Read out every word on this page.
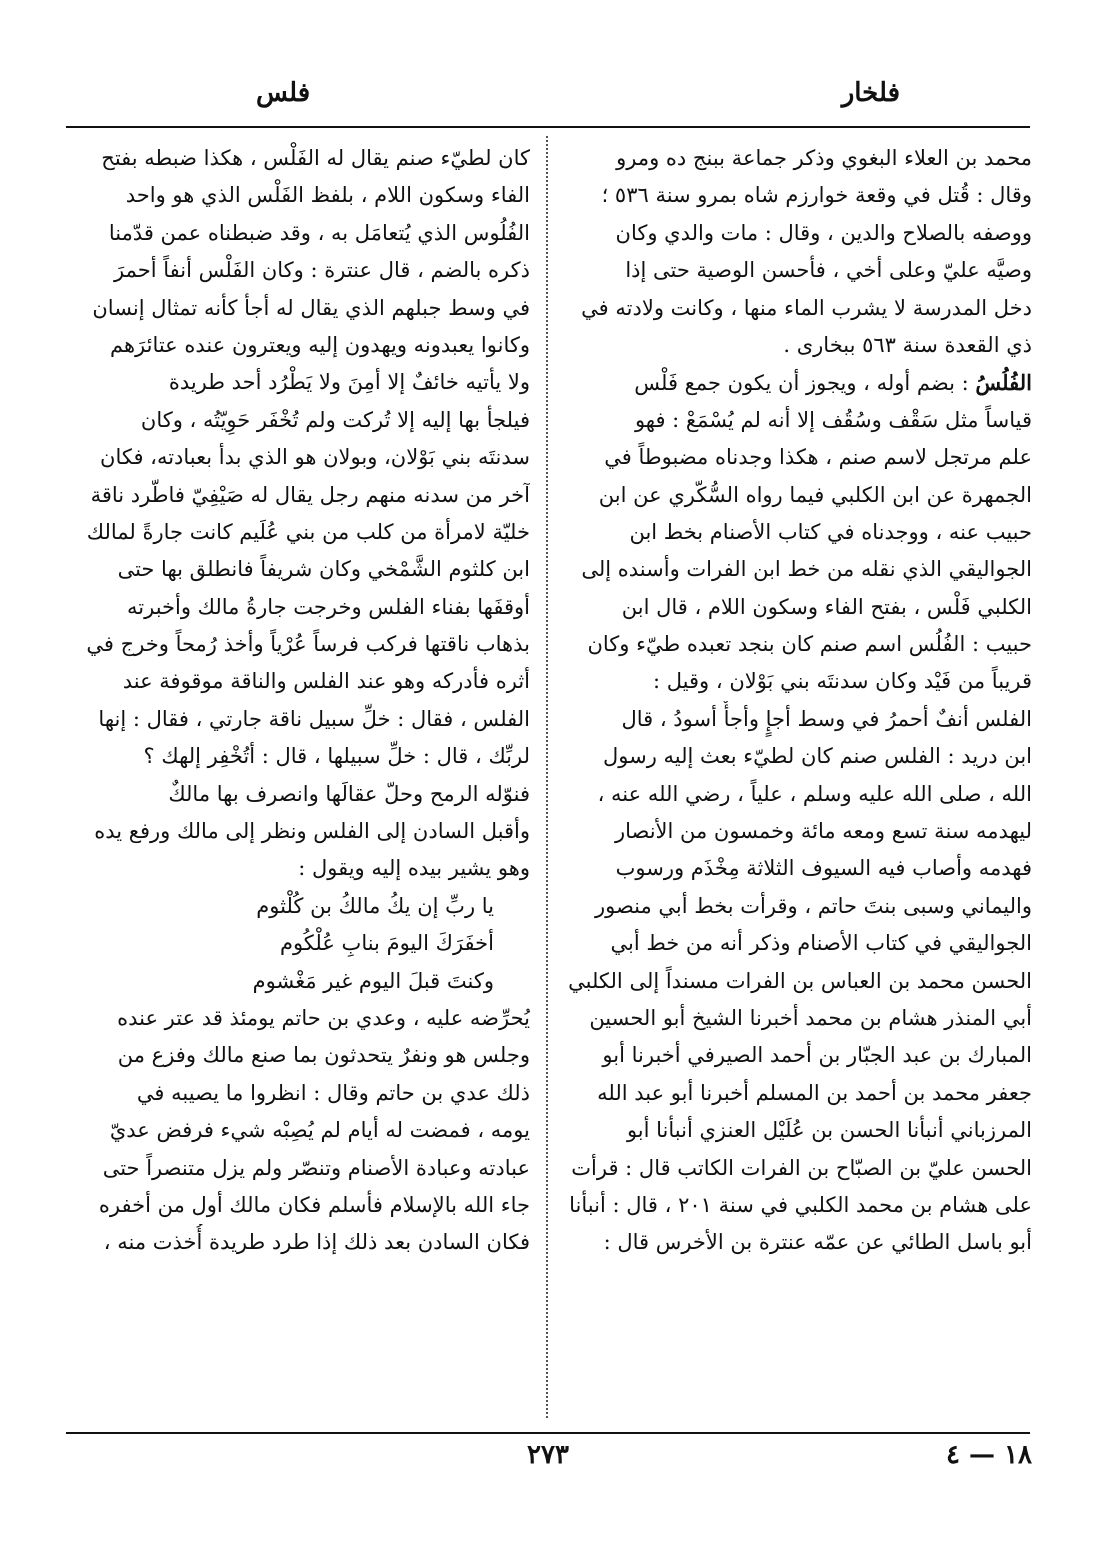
فلخار
فلس
محمد بن العلاء البغوي وذكر جماعة ببنج ده ومرو
وقال : قُتل في وقعة خوارزم شاه بمرو سنة ٥٣٦ ؛
ووصفه بالصلاح والدين ، وقال : مات والدي وكان
وصيَّه عليّ وعلى أخي ، فأحسن الوصية حتى إذا
دخل المدرسة لا يشرب الماء منها ، وكانت ولادته في
ذي القعدة سنة ٥٦٣ ببخارى .
الفُلُسُ : بضم أوله ، ويجوز أن يكون جمع فَلْس
قياساً مثل سَقْف وسُقُف إلا أنه لم يُسْمَعْ : فهو
علم مرتجل لاسم صنم ، هكذا وجدناه مضبوطاً في
الجمهرة عن ابن الكلبي فيما رواه السُّكّري عن ابن
حبيب عنه ، ووجدناه في كتاب الأصنام بخط ابن
الجواليقي الذي نقله من خط ابن الفرات وأسنده إلى
الكلبي فَلْس ، بفتح الفاء وسكون اللام ، قال ابن
حبيب : الفُلُس اسم صنم كان بنجد تعبده طيّء وكان
قريباً من فَيْد وكان سدنتَه بني بَوْلان ، وقيل :
الفلس أنفٌ أحمرُ في وسط أجإٍ وأجأٌ أسودُ ، قال
ابن دريد : الفلس صنم كان لطيّء بعث إليه رسول
الله ، صلى الله عليه وسلم ، علياً ، رضي الله عنه ،
ليهدمه سنة تسع ومعه مائة وخمسون من الأنصار
فهدمه وأصاب فيه السيوف الثلاثة مِخْذَم ورسوب
واليماني وسبى بنتَ حاتم ، وقرأت بخط أبي منصور
الجواليقي في كتاب الأصنام وذكر أنه من خط أبي
الحسن محمد بن العباس بن الفرات مسنداً إلى الكلبي
أبي المنذر هشام بن محمد أخبرنا الشيخ أبو الحسين
المبارك بن عبد الجبّار بن أحمد الصيرفي أخبرنا أبو
جعفر محمد بن أحمد بن المسلم أخبرنا أبو عبد الله
المرزباني أنبأنا الحسن بن عُلَيْل العنزي أنبأنا أبو
الحسن عليّ بن الصبّاح بن الفرات الكاتب قال : قرأت
على هشام بن محمد الكلبي في سنة ٢٠١ ، قال : أنبأنا
أبو باسل الطائي عن عمّه عنترة بن الأخرس قال :
كان لطيّء صنم يقال له الفَلْس ، هكذا ضبطه بفتح
الفاء وسكون اللام ، بلفظ الفَلْس الذي هو واحد
الفُلُوس الذي يُتعامَل به ، وقد ضبطناه عمن قدّمنا
ذكره بالضم ، قال عنترة : وكان الفَلْس أنفاً أحمرَ
في وسط جبلهم الذي يقال له أجأ كأنه تمثال إنسان
وكانوا يعبدونه ويهدون إليه ويعترون عنده عتائرَهم
ولا يأتيه خائفٌ إلا أمِنَ ولا يَطْرُد أحد طريدة
فيلجأ بها إليه إلا تُركت ولم تُخْفَر حَوِيّتُه ، وكان
سدنتَه بني بَوْلان، وبولان هو الذي بدأ بعبادته، فكان
آخر من سدنه منهم رجل يقال له صَيْفِيّ فاطّرد ناقة
خليّة لامرأة من كلب من بني عُلَيم كانت جارةً لمالك
ابن كلثوم الشَّمْخي وكان شريفاً فانطلق بها حتى
أوقفَها بفناء الفلس وخرجت جارةُ مالك وأخبرته
بذهاب ناقتها فركب فرساً عُرْياً وأخذ رُمحاً وخرج في
أثره فأدركه وهو عند الفلس والناقة موقوفة عند
الفلس ، فقال : خلِّ سبيل ناقة جارتي ، فقال : إنها
لربِّك ، قال : خلِّ سبيلها ، قال : أتُخْفِر إلهك ؟
فنوّله الرمح وحلّ عقالَها وانصرف بها مالكٌ
وأقبل السادن إلى الفلس ونظر إلى مالك ورفع يده
وهو يشير بيده إليه ويقول :
يا ربِّ إن يكُ مالكُ بن كُلْثوم
أخفَرَكَ اليومَ بنابِ عُلْكُوم
وكنتَ قبلَ اليوم غير مَغْشوم
يُحرِّضه عليه ، وعدي بن حاتم يومئذ قد عتر عنده
وجلس هو ونفرٌ يتحدثون بما صنع مالك وفزع من
ذلك عدي بن حاتم وقال : انظروا ما يصيبه في
يومه ، فمضت له أيام لم يُصِبْه شيء فرفض عديّ
عبادته وعبادة الأصنام وتنصّر ولم يزل متنصراً حتى
جاء الله بالإسلام فأسلم فكان مالك أول من أخفره
فكان السادن بعد ذلك إذا طرد طريدة أُخذت منه ،
٢٧٣	١٨ — ٤
